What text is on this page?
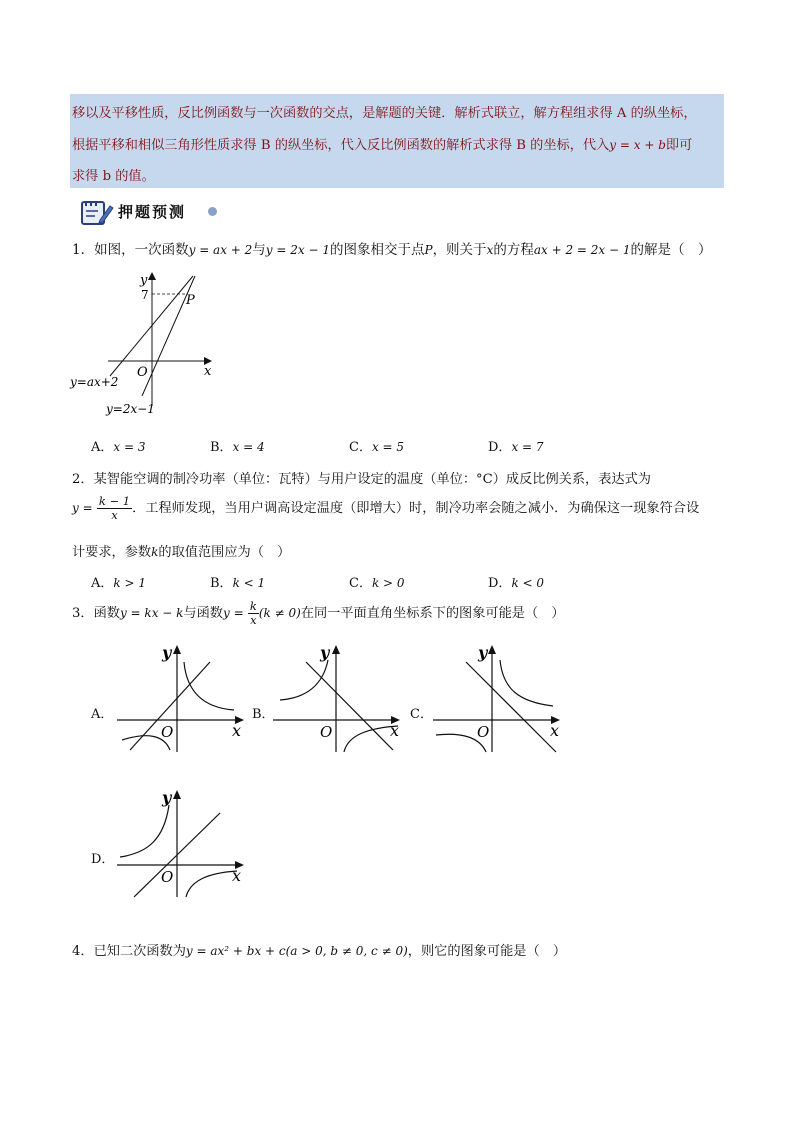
移以及平移性质，反比例函数与一次函数的交点，是解题的关键．解析式联立，解方程组求得 A 的纵坐标，

根据平移和相似三角形性质求得 B 的纵坐标，代入反比例函数的解析式求得 B 的坐标，代入y = x + b即可

求得 b 的值。

押题预测
1．如图，一次函数y = ax + 2与y = 2x − 1的图象相交于点P，则关于x的方程ax + 2 = 2x − 1的解是（　）
y
x
O
7	P
y=ax+2
y=2x−1
A．x = 3	B．x = 4	C．x = 5	D．x = 7
2．某智能空调的制冷功率（单位：瓦特）与用户设定的温度（单位：°C）成反比例关系，表达式为
$y = \frac{k - 1}{x}$ ．工程师发现，当用户调高设定温度（即增大）时，制冷功率会随之减小．为确保这一现象符合设
计要求，参数k的取值范围应为（　）
A．k > 1	B．k < 1	C．k > 0	D．k < 0
3．函数y = kx − k与函数$y = \frac{k}{x} (k \ne 0)$在同一平面直角坐标系下的图象可能是（　）
A．
y
x
O
B．
y
x
O
C．
y
x
O
D．
y
x
O
4．已知二次函数为y = ax² + bx + c(a > 0, b ≠ 0, c ≠ 0)，则它的图象可能是（　）
